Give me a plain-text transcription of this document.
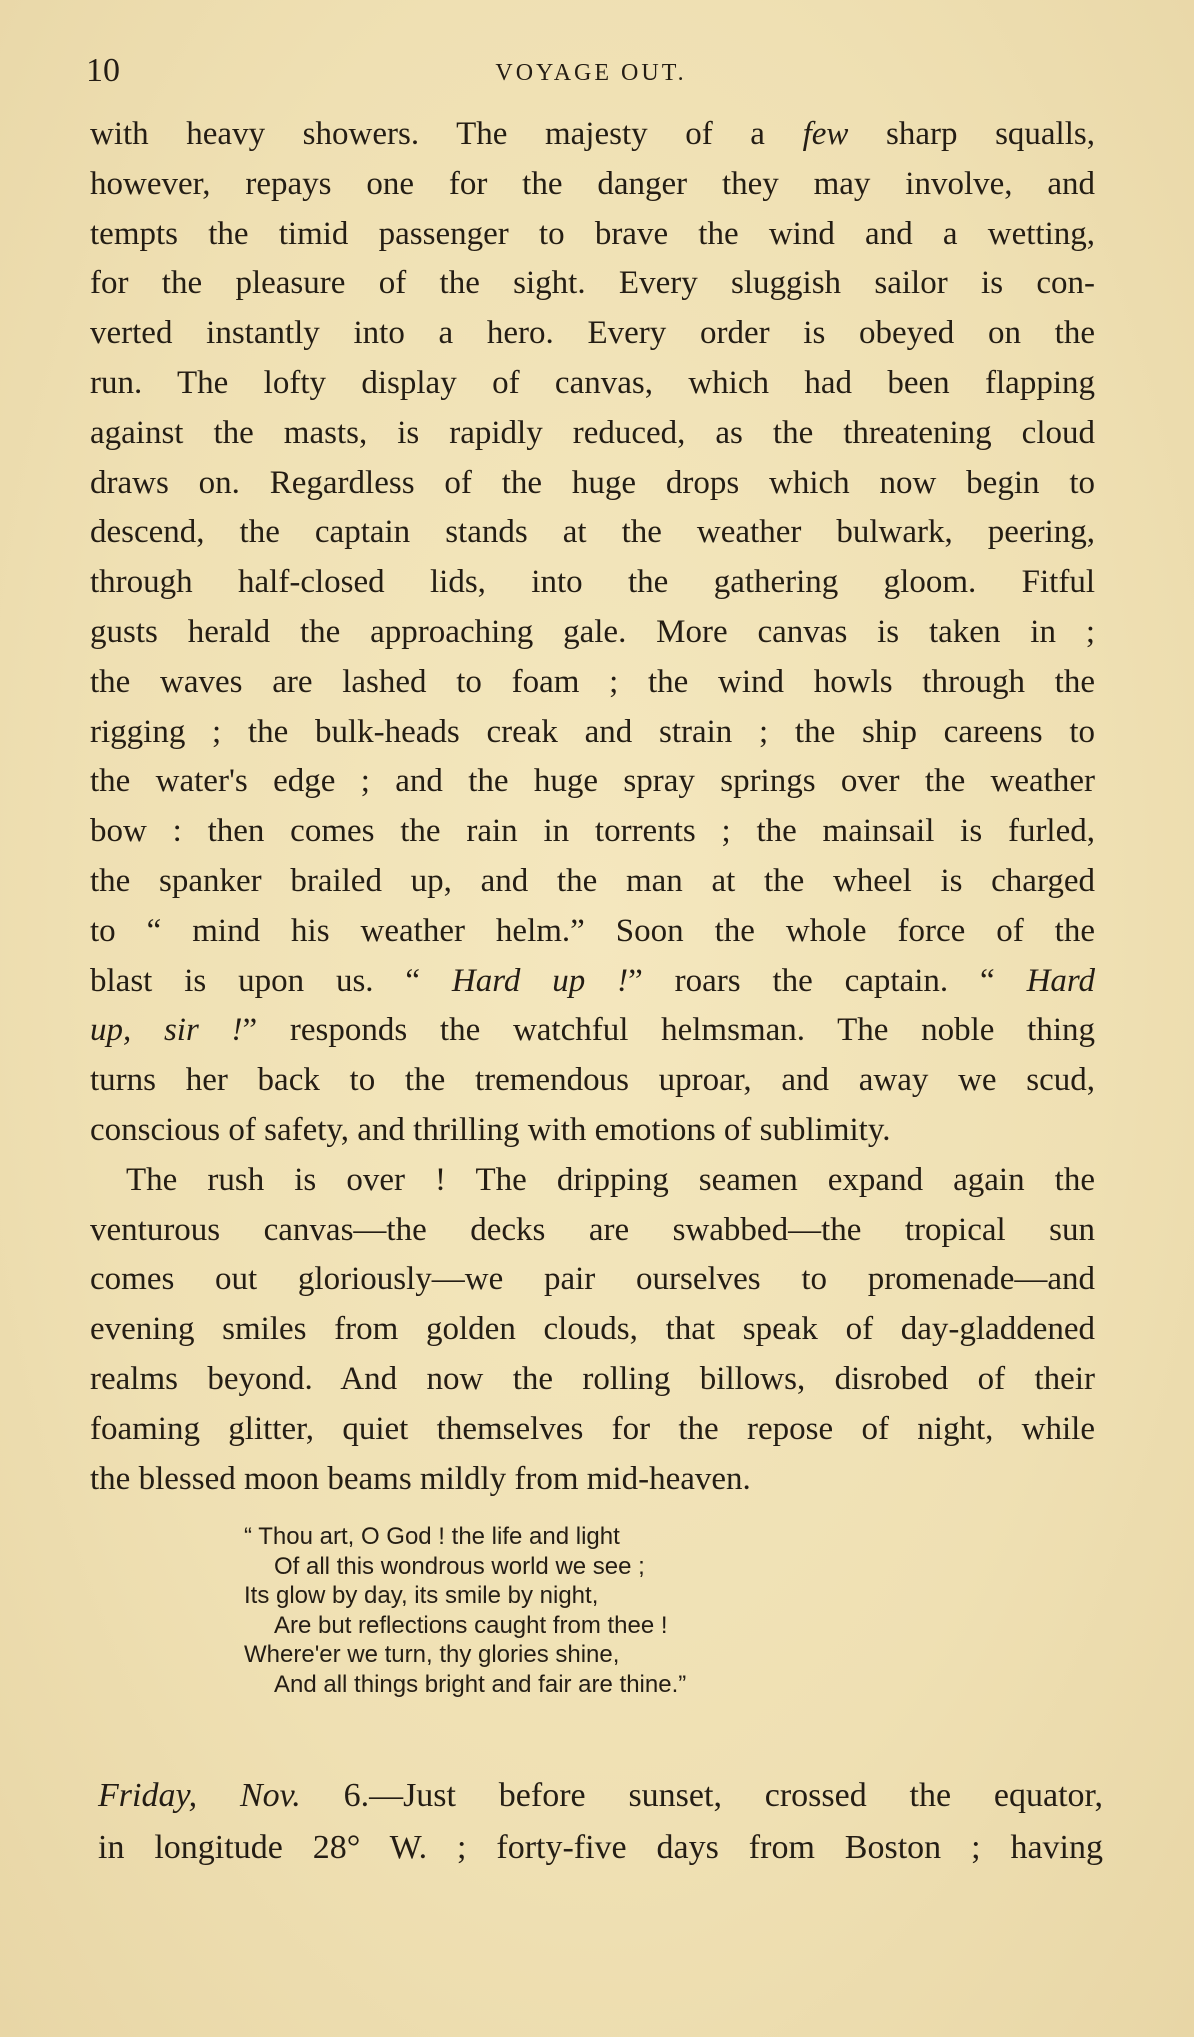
10	VOYAGE OUT.
with heavy showers. The majesty of a few sharp squalls,
however, repays one for the danger they may involve, and
tempts the timid passenger to brave the wind and a wetting,
for the pleasure of the sight. Every sluggish sailor is con-
verted instantly into a hero. Every order is obeyed on the
run. The lofty display of canvas, which had been flapping
against the masts, is rapidly reduced, as the threatening cloud
draws on. Regardless of the huge drops which now begin to
descend, the captain stands at the weather bulwark, peering,
through half-closed lids, into the gathering gloom. Fitful
gusts herald the approaching gale. More canvas is taken in ;
the waves are lashed to foam ; the wind howls through the
rigging ; the bulk-heads creak and strain ; the ship careens to
the water's edge ; and the huge spray springs over the weather
bow : then comes the rain in torrents ; the mainsail is furled,
the spanker brailed up, and the man at the wheel is charged
to “ mind his weather helm.” Soon the whole force of the
blast is upon us. “ Hard up !” roars the captain. “ Hard
up, sir !” responds the watchful helmsman. The noble thing
turns her back to the tremendous uproar, and away we scud,
conscious of safety, and thrilling with emotions of sublimity.
The rush is over ! The dripping seamen expand again the
venturous canvas—the decks are swabbed—the tropical sun
comes out gloriously—we pair ourselves to promenade—and
evening smiles from golden clouds, that speak of day-gladdened
realms beyond. And now the rolling billows, disrobed of their
foaming glitter, quiet themselves for the repose of night, while
the blessed moon beams mildly from mid-heaven.
“ Thou art, O God ! the life and light
Of all this wondrous world we see ;
Its glow by day, its smile by night,
Are but reflections caught from thee !
Where'er we turn, thy glories shine,
And all things bright and fair are thine.”
Friday, Nov. 6.—Just before sunset, crossed the equator,
in longitude 28° W. ; forty-five days from Boston ; having
